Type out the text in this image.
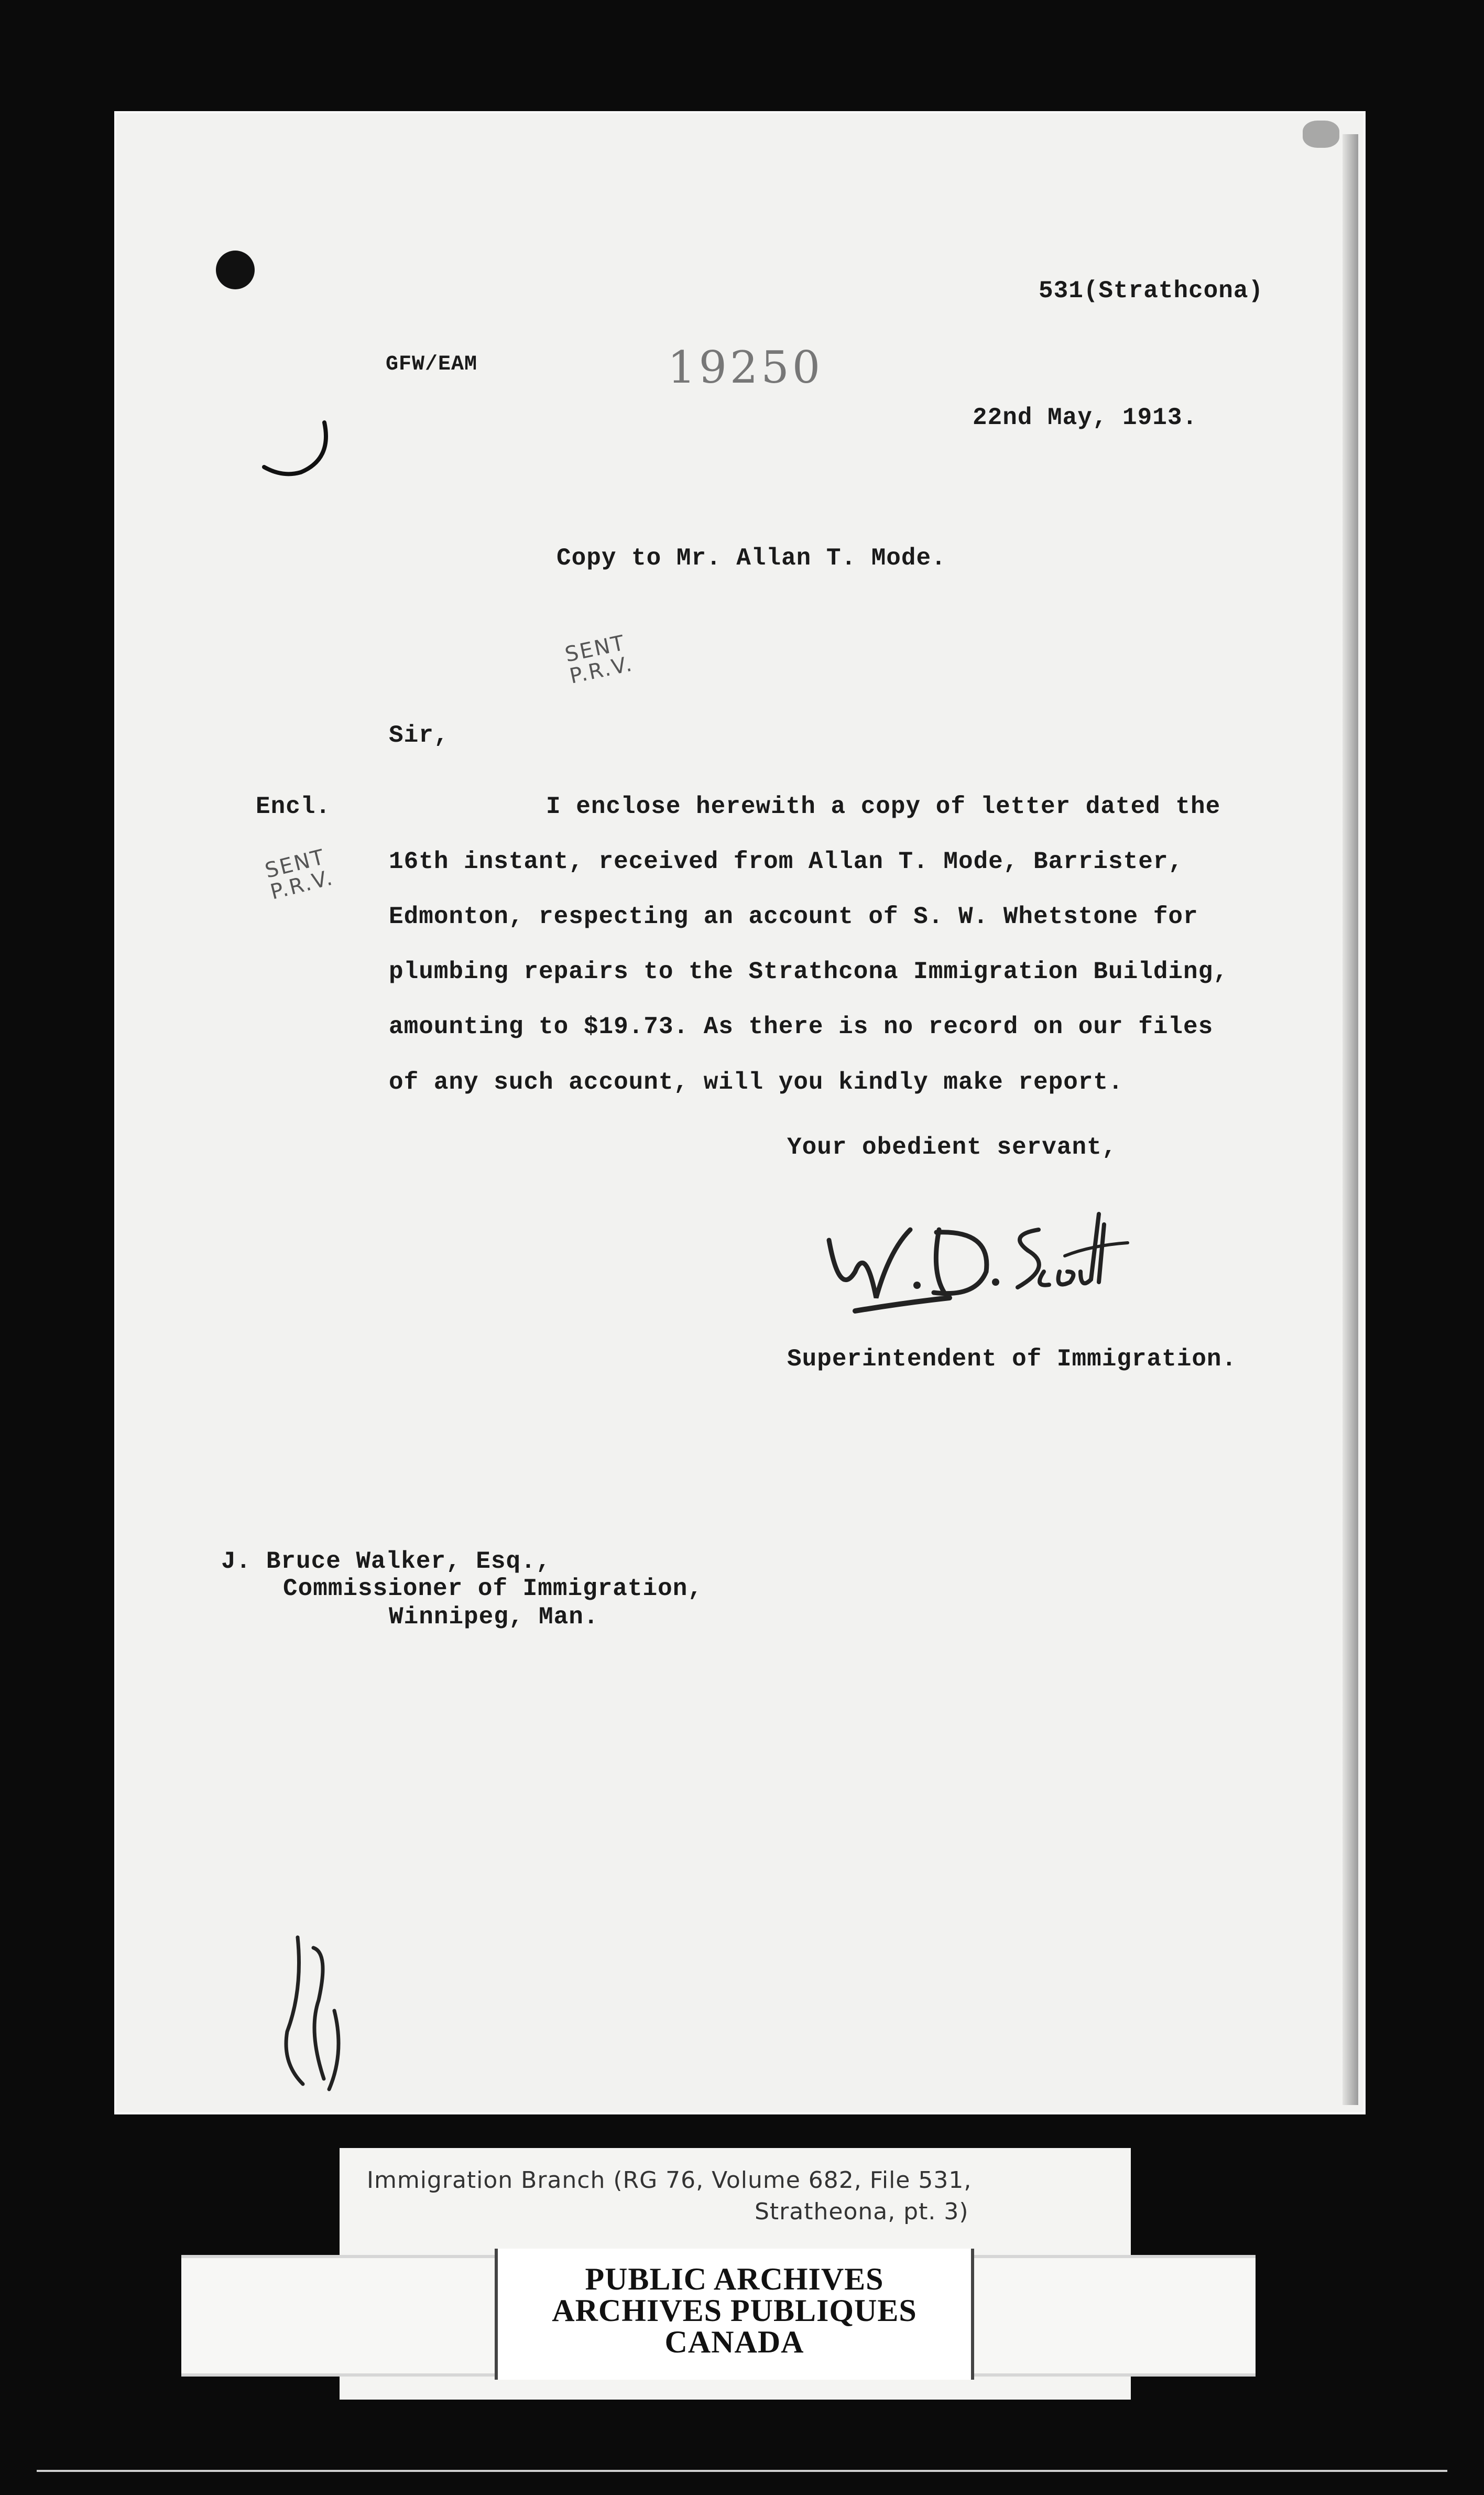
531(Strathcona)
GFW/EAM	19250
22nd May, 1913.
Copy to Mr. Allan T. Mode.
SENT
P.R.V.
Sir,
Encl.
SENT
P.R.V.
I enclose herewith a copy of letter dated the
16th instant, received from Allan T. Mode, Barrister,
Edmonton, respecting an account of S. W. Whetstone for
plumbing repairs to the Strathcona Immigration Building,
amounting to $19.73. As there is no record on our files
of any such account, will you kindly make report.
Your obedient servant,
Superintendent of Immigration.
J. Bruce Walker, Esq.,
Commissioner of Immigration,
Winnipeg, Man.
Immigration Branch (RG 76, Volume 682, File 531,
Stratheona, pt. 3)
PUBLIC ARCHIVES
ARCHIVES PUBLIQUES
CANADA
